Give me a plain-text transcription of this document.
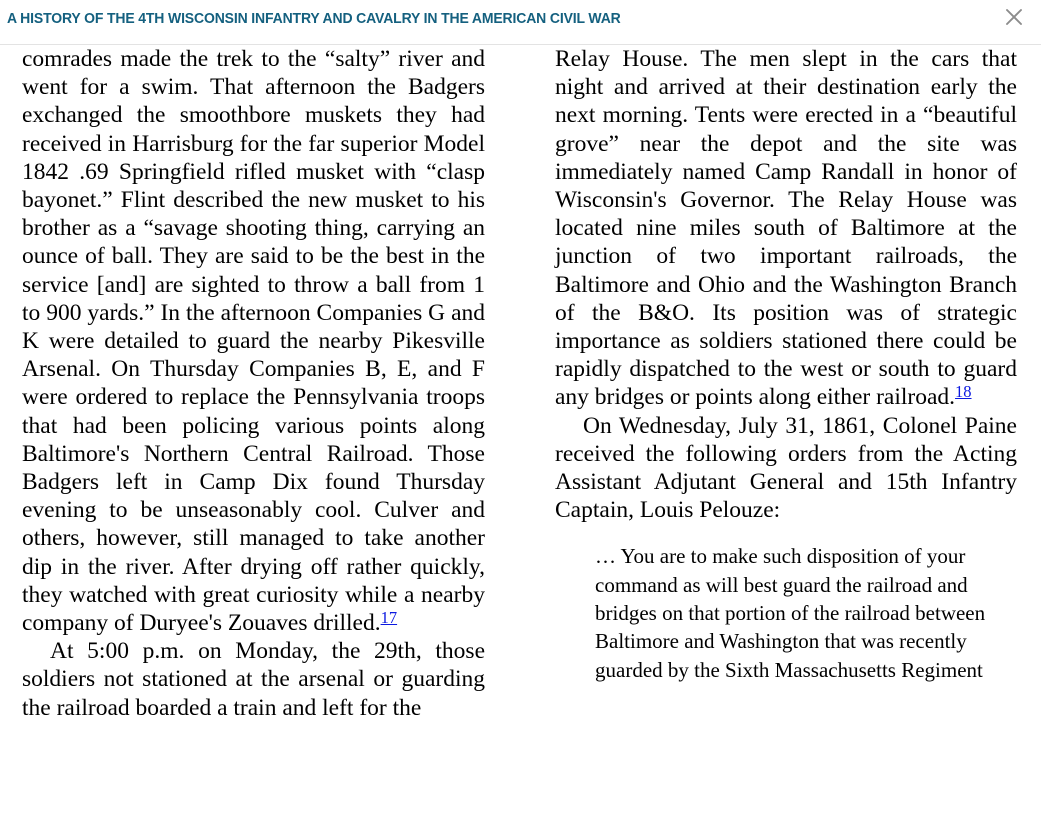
A HISTORY OF THE 4TH WISCONSIN INFANTRY AND CAVALRY IN THE AMERICAN CIVIL WAR

comrades made the trek to the “salty” river and went for a swim. That afternoon the Badgers exchanged the smoothbore muskets they had received in Harrisburg for the far superior Model 1842 .69 Springfield rifled musket with “clasp bayonet.” Flint described the new musket to his brother as a “savage shooting thing, carrying an ounce of ball. They are said to be the best in the service [and] are sighted to throw a ball from 1 to 900 yards.” In the afternoon Companies G and K were detailed to guard the nearby Pikesville Arsenal. On Thursday Companies B, E, and F were ordered to replace the Pennsylvania troops that had been policing various points along Baltimore's Northern Central Railroad. Those Badgers left in Camp Dix found Thursday evening to be unseasonably cool. Culver and others, however, still managed to take another dip in the river. After drying off rather quickly, they watched with great curiosity while a nearby company of Duryee's Zouaves drilled.$^{17}$

At 5:00 p.m. on Monday, the 29th, those soldiers not stationed at the arsenal or guarding the railroad boarded a train and left for the

Relay House. The men slept in the cars that night and arrived at their destination early the next morning. Tents were erected in a “beautiful grove” near the depot and the site was immediately named Camp Randall in honor of Wisconsin's Governor. The Relay House was located nine miles south of Baltimore at the junction of two important railroads, the Baltimore and Ohio and the Washington Branch of the B&O. Its position was of strategic importance as soldiers stationed there could be rapidly dispatched to the west or south to guard any bridges or points along either railroad.$^{18}$

On Wednesday, July 31, 1861, Colonel Paine received the following orders from the Acting Assistant Adjutant General and 15th Infantry Captain, Louis Pelouze:

… You are to make such disposition of your command as will best guard the railroad and bridges on that portion of the railroad between Baltimore and Washington that was recently guarded by the Sixth Massachusetts Regiment
